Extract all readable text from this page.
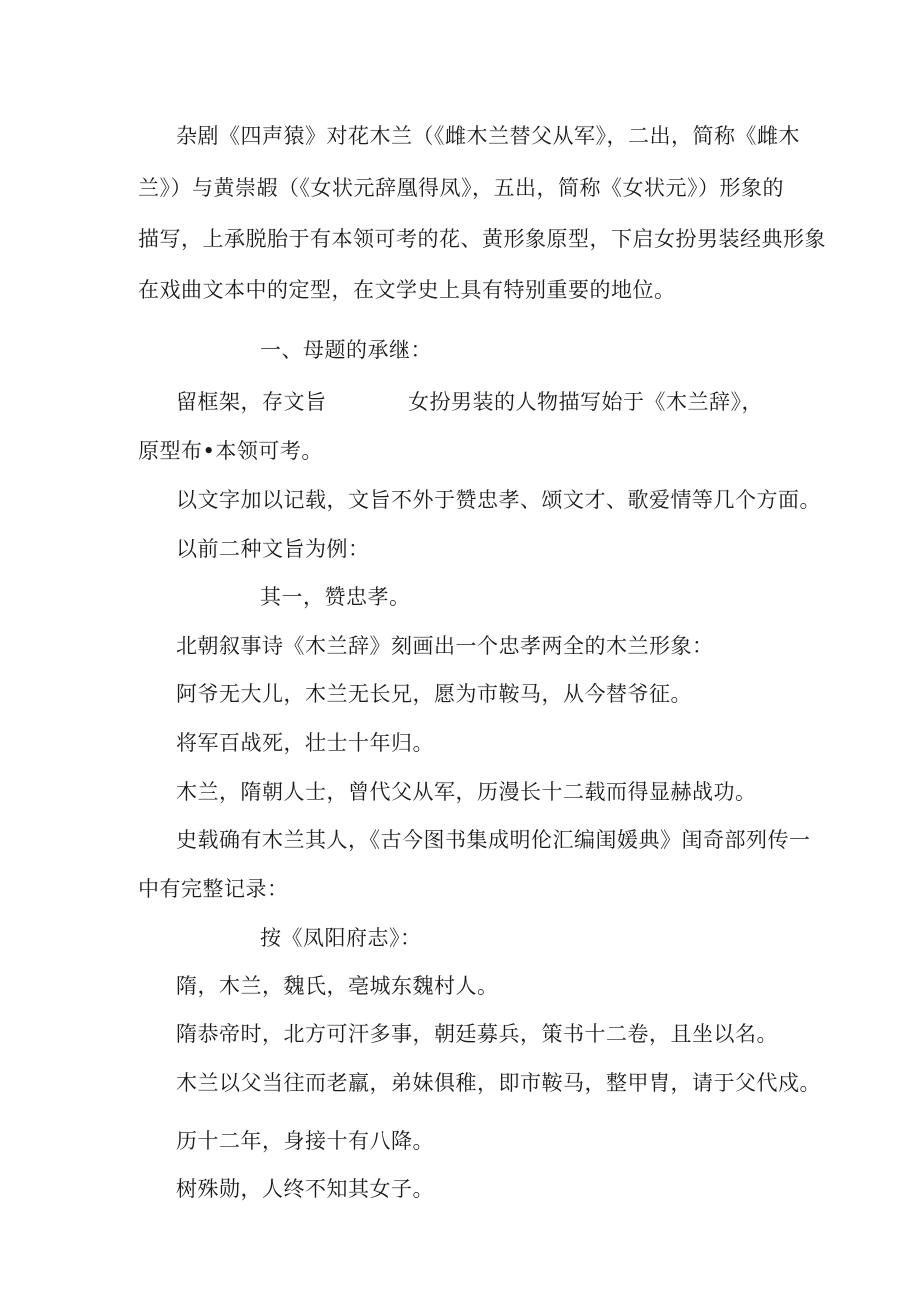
杂剧《四声猿》对花木兰（《雌木兰替父从军》，二出，简称《雌木
兰》）与黄崇嘏（《女状元辞凰得凤》，五出，简称《女状元》）形象的
描写，上承脱胎于有本领可考的花、黄形象原型，下启女扮男装经典形象
在戏曲文本中的定型，在文学史上具有特别重要的地位。
一、母题的承继：
留框架，存文旨	女扮男装的人物描写始于《木兰辞》，
原型布•本领可考。
以文字加以记载，文旨不外于赞忠孝、颂文才、歌爱情等几个方面。
以前二种文旨为例：
其一，赞忠孝。
北朝叙事诗《木兰辞》刻画出一个忠孝两全的木兰形象：
阿爷无大儿，木兰无长兄，愿为市鞍马，从今替爷征。
将军百战死，壮士十年归。
木兰，隋朝人士，曾代父从军，历漫长十二载而得显赫战功。
史载确有木兰其人，《古今图书集成明伦汇编闺媛典》闺奇部列传一
中有完整记录：
按《凤阳府志》：
隋，木兰，魏氏，亳城东魏村人。
隋恭帝时，北方可汗多事，朝廷募兵，策书十二卷，且坐以名。
木兰以父当往而老羸，弟妹俱稚，即市鞍马，整甲胄，请于父代戍。
历十二年，身接十有八降。
树殊勋，人终不知其女子。
